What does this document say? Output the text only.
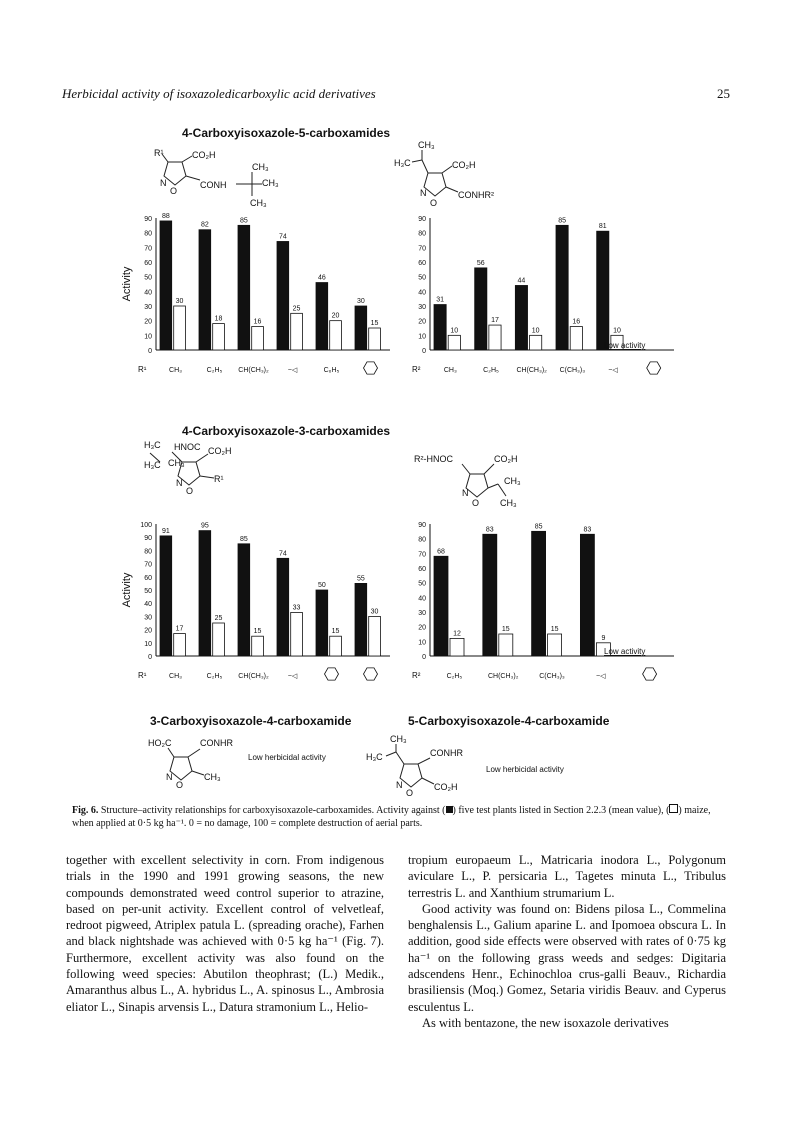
Herbicidal activity of isoxazoledicarboxylic acid derivatives	25
4-Carboxyisoxazole-5-carboxamides
4-Carboxyisoxazole-3-carboxamides
3-Carboxyisoxazole-4-carboxamide	5-Carboxyisoxazole-4-carboxamide
R¹	CO₂H
N
O
CONH
CH₃
CH₃
CH₃
CH₃
H₃C	CO₂H
N
O
CONHR²
H₃C
H₃C
HNOC
CH₃
CO₂H
N
O
R¹
R²-HNOC	CO₂H
CH₃
N
O CH₃
HO₂C	CONHR
N
O
CH₃
Low herbicidal activity
CH₃
H₃C	CONHR
N
O
CO₂H
Low herbicidal activity
0
10
20
30
40
50
60
70
80
90
Activity
88
82
85
74
46
30
30
18	16
25
20
15
R¹	CH₃	C₂H₅ CH(CH₃)₂	−◁	C₆H₅
0
10
20
30
40
50
60
70
80
90
31
56
44
85
81
10
17
10
16
10
R²	CH₃	C₂H₅	CH(CH₃)₂ C(CH₃)₃	−◁
Low activity
0
10
20
30
40
50
60
70
80
90
100
Activity
91
95
85
74
50
55
17
25
15
33
15
30
R¹	CH₃	C₂H₅ CH(CH₃)₂	−◁
0
10
20
30
40
50
60
70
80
90
68
83	85	83
12
15	15
9
R²	C₂H₅	CH(CH₃)₂	C(CH₃)₃	−◁
Low activity
Fig. 6. Structure–activity relationships for carboxyisoxazole-carboxamides. Activity against ( ) five test plants listed in Section 2.2.3 (mean value), ( ) maize, when applied at 0·5 kg ha⁻¹. 0 = no damage, 100 = complete destruction of aerial parts.

together with excellent selectivity in corn. From indigenous trials in the 1990 and 1991 growing seasons, the new compounds demonstrated weed control superior to atrazine, based on per-unit activity. Excellent control of velvetleaf, redroot pigweed, Atriplex patula L. (spreading orache), Farhen and black nightshade was achieved with 0·5 kg ha⁻¹ (Fig. 7). Furthermore, excellent activity was also found on the following weed species: Abutilon theophrast; (L.) Medik., Amaranthus albus L., A. hybridus L., A. spinosus L., Ambrosia eliator L., Sinapis arvensis L., Datura stramonium L., Helio-

tropium europaeum L., Matricaria inodora L., Polygonum aviculare L., P. persicaria L., Tagetes minuta L., Tribulus terrestris L. and Xanthium strumarium L.

Good activity was found on: Bidens pilosa L., Commelina benghalensis L., Galium aparine L. and Ipomoea obscura L. In addition, good side effects were observed with rates of 0·75 kg ha⁻¹ on the following grass weeds and sedges: Digitaria adscendens Henr., Echinochloa crus-galli Beauv., Richardia brasiliensis (Moq.) Gomez, Setaria viridis Beauv. and Cyperus esculentus L.

As with bentazone, the new isoxazole derivatives
